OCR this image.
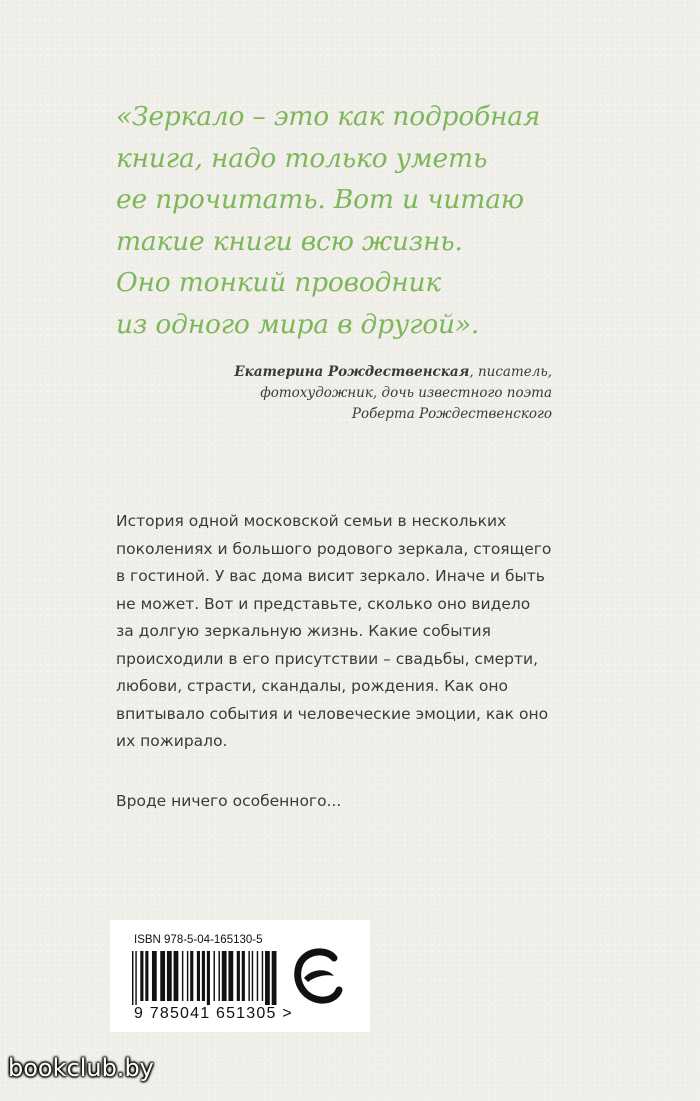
«Зеркало – это как подробная
книга, надо только уметь
ее прочитать. Вот и читаю
такие книги всю жизнь.
Оно тонкий проводник
из одного мира в другой».
Екатерина Рождественская, писатель,
фотохудожник, дочь известного поэта
Роберта Рождественского
История одной московской семьи в нескольких
поколениях и большого родового зеркала, стоящего
в гостиной. У вас дома висит зеркало. Иначе и быть
не может. Вот и представьте, сколько оно видело
за долгую зеркальную жизнь. Какие события
происходили в его присутствии – свадьбы, смерти,
любови, страсти, скандалы, рождения. Как оно
впитывало события и человеческие эмоции, как оно
их пожирало.

Вроде ничего особенного...

ISBN 978-5-04-165130-5
9 785041 651305 >
bookclub.by
